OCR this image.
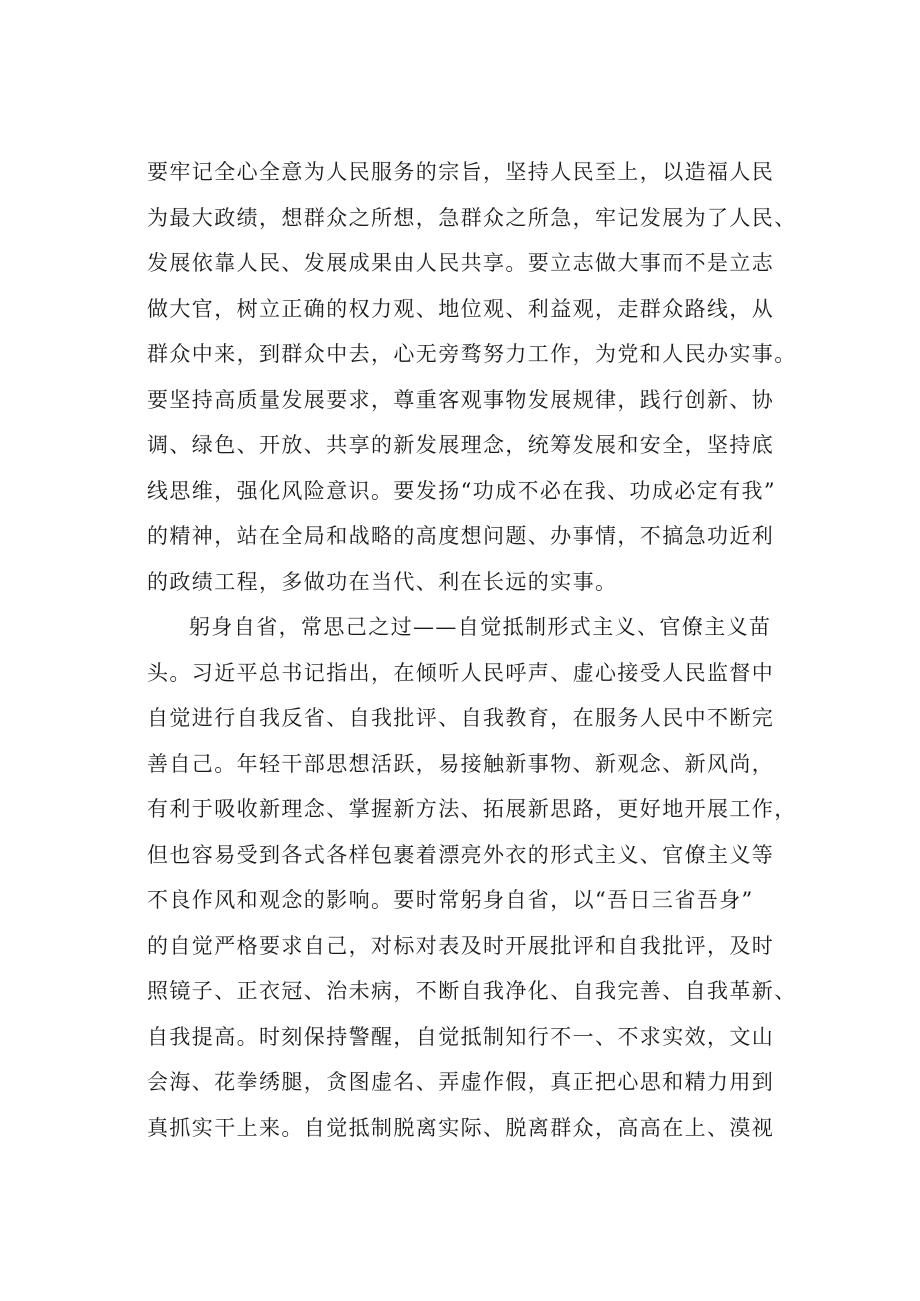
要牢记全心全意为人民服务的宗旨，坚持人民至上，以造福人民
为最大政绩，想群众之所想，急群众之所急，牢记发展为了人民、
发展依靠人民、发展成果由人民共享。要立志做大事而不是立志
做大官，树立正确的权力观、地位观、利益观，走群众路线，从
群众中来，到群众中去，心无旁骛努力工作，为党和人民办实事。
要坚持高质量发展要求，尊重客观事物发展规律，践行创新、协
调、绿色、开放、共享的新发展理念，统筹发展和安全，坚持底
线思维，强化风险意识。要发扬“功成不必在我、功成必定有我”
的精神，站在全局和战略的高度想问题、办事情，不搞急功近利
的政绩工程，多做功在当代、利在长远的实事。
躬身自省，常思己之过——自觉抵制形式主义、官僚主义苗
头。习近平总书记指出，在倾听人民呼声、虚心接受人民监督中
自觉进行自我反省、自我批评、自我教育，在服务人民中不断完
善自己。年轻干部思想活跃，易接触新事物、新观念、新风尚，
有利于吸收新理念、掌握新方法、拓展新思路，更好地开展工作，
但也容易受到各式各样包裹着漂亮外衣的形式主义、官僚主义等
不良作风和观念的影响。要时常躬身自省，以“吾日三省吾身”
的自觉严格要求自己，对标对表及时开展批评和自我批评，及时
照镜子、正衣冠、治未病，不断自我净化、自我完善、自我革新、
自我提高。时刻保持警醒，自觉抵制知行不一、不求实效，文山
会海、花拳绣腿，贪图虚名、弄虚作假，真正把心思和精力用到
真抓实干上来。自觉抵制脱离实际、脱离群众，高高在上、漠视
